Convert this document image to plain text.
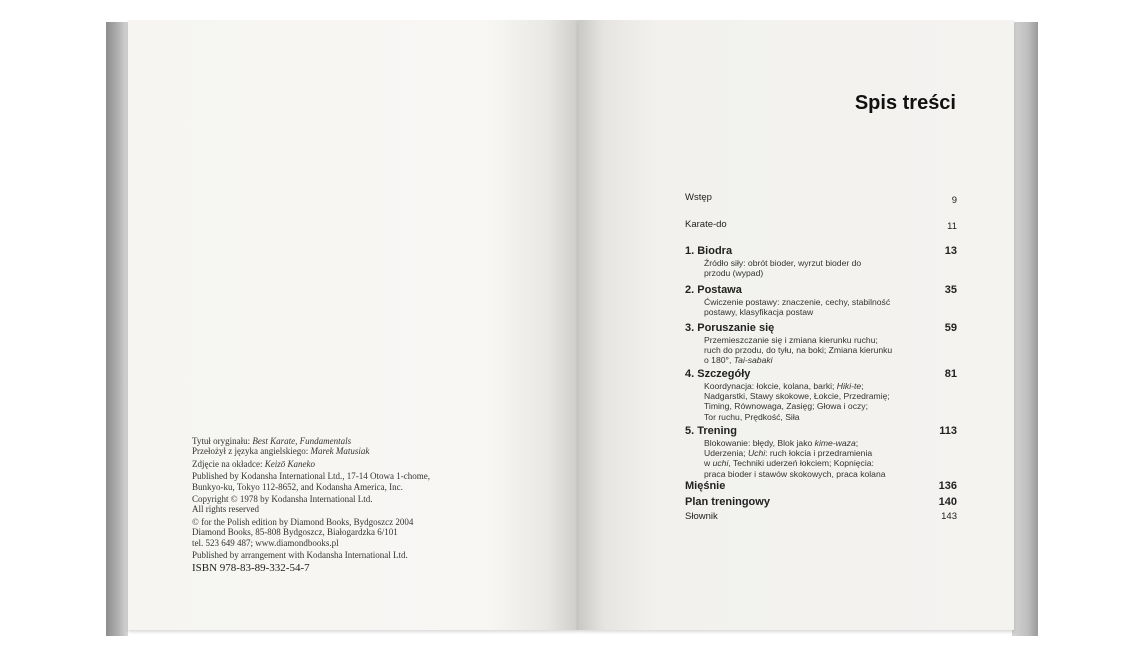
Tytuł oryginału: Best Karate, Fundamentals
Przełożył z języka angielskiego: Marek Matusiak
Zdjęcie na okładce: Keizō Kaneko
Published by Kodansha International Ltd., 17-14 Otowa 1-chome,
Bunkyo-ku, Tokyo 112-8652, and Kodansha America, Inc.
Copyright © 1978 by Kodansha International Ltd.
All rights reserved
© for the Polish edition by Diamond Books, Bydgoszcz 2004
Diamond Books, 85-808 Bydgoszcz, Białogardzka 6/101
tel. 523 649 487; www.diamondbooks.pl
Published by arrangement with Kodansha International Ltd.
ISBN 978-83-89-332-54-7
Spis treści
Wstęp	9
Karate-do	11
1. Biodra	13
Źródło siły: obrót bioder, wyrzut bioder do
przodu (wypad)
2. Postawa	35
Ćwiczenie postawy: znaczenie, cechy, stabilność
postawy, klasyfikacja postaw
3. Poruszanie się	59
Przemieszczanie się i zmiana kierunku ruchu;
ruch do przodu, do tyłu, na boki; Zmiana kierunku
o 180°, Tai-sabaki
4. Szczegóły	81
Koordynacja: łokcie, kolana, barki; Hiki-te;
Nadgarstki, Stawy skokowe, Łokcie, Przedramię;
Timing, Równowaga, Zasięg; Głowa i oczy;
Tor ruchu, Prędkość, Siła
5. Trening	113
Blokowanie: błędy, Blok jako kime-waza;
Uderzenia; Uchi: ruch łokcia i przedramienia
w uchi, Techniki uderzeń łokciem; Kopnięcia:
praca bioder i stawów skokowych, praca kolana
Mięśnie	136
Plan treningowy	140
Słownik	143
